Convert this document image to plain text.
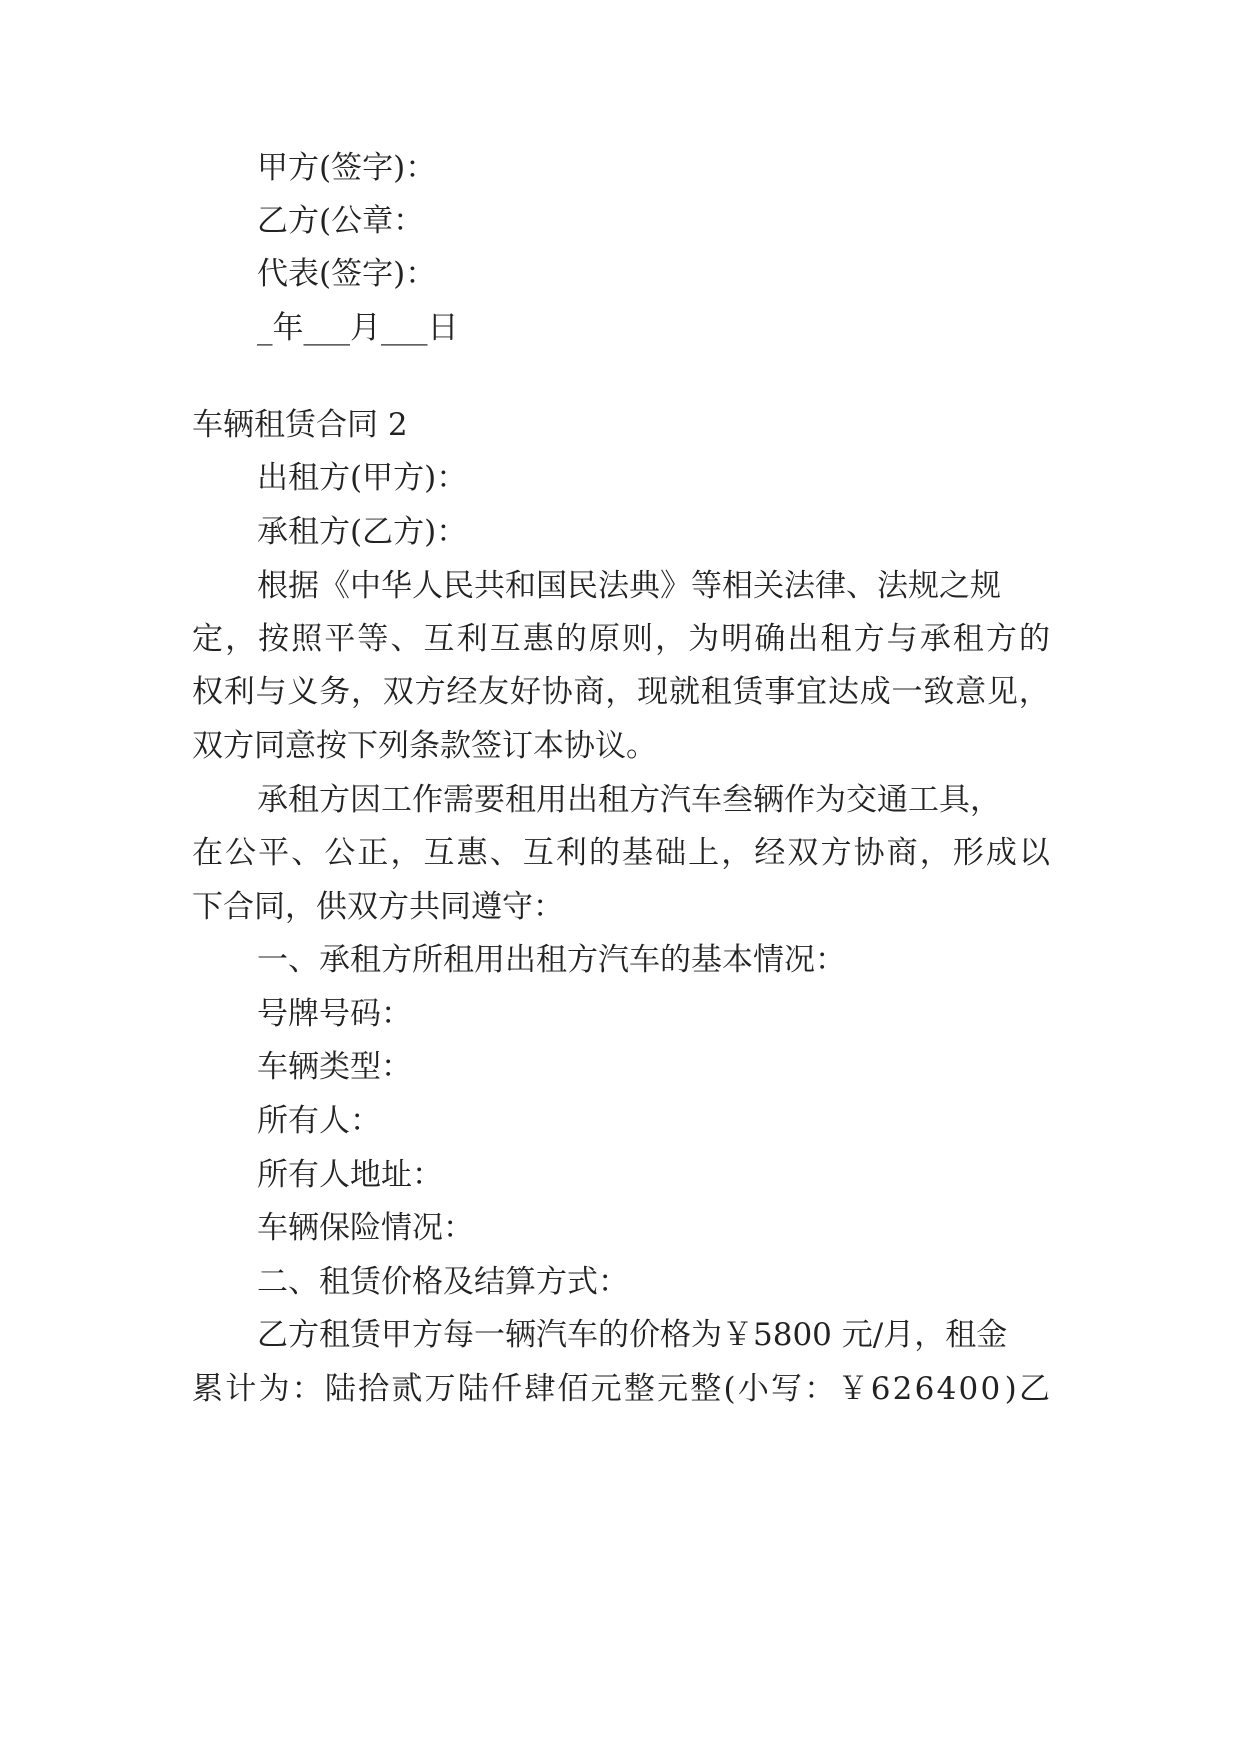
甲方(签字)：
乙方(公章：
代表(签字)：
_年___月___日
车辆租赁合同 2
出租方(甲方)：
承租方(乙方)：
根据《中华人民共和国民法典》等相关法律、法规之规
定 ， 按 照 平 等 、 互 利 互 惠 的 原 则 ， 为 明 确 出 租 方 与 承 租 方 的
权 利 与 义 务 ， 双 方 经 友 好 协 商 ， 现 就 租 赁 事 宜 达 成 一 致 意 见 ，
双方同意按下列条款签订本协议。
承租方因工作需要租用出租方汽车叁辆作为交通工具，
在 公 平 、 公 正 ， 互 惠 、 互 利 的 基 础 上 ， 经 双 方 协 商 ， 形 成 以
下合同，供双方共同遵守：
一、承租方所租用出租方汽车的基本情况：
号牌号码：
车辆类型：
所有人：
所有人地址：
车辆保险情况：
二、租赁价格及结算方式：
乙方租赁甲方每一辆汽车的价格为￥5800 元/月，租金
累 计 为 ： 陆 拾 贰 万 陆 仟 肆 佰 元 整 元 整 ( 小 写 ： ￥ 6 2 6 4 0 0 ) 乙
